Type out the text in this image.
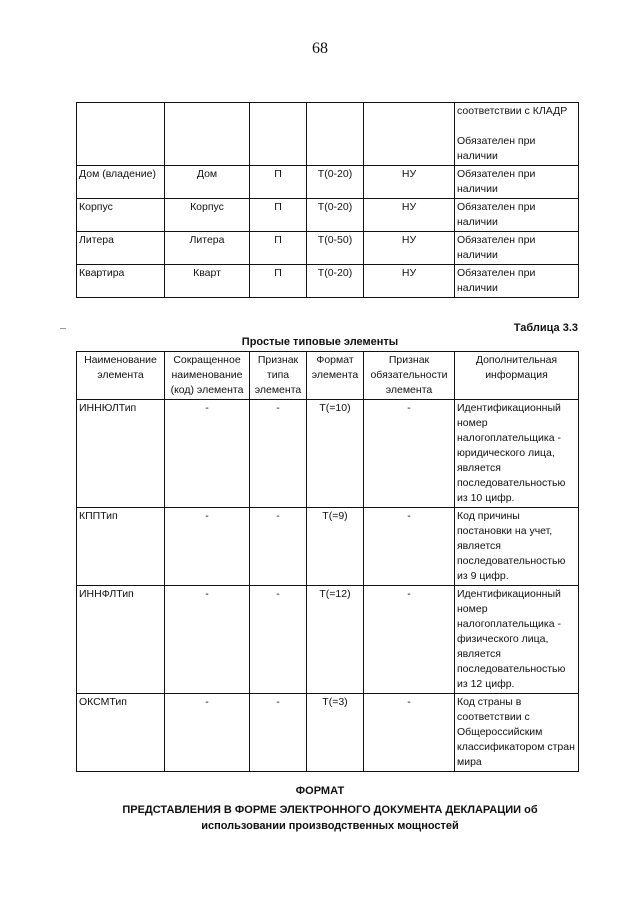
68
					соответствии с КЛАДР

Обязателен при наличии
Дом (владение)	Дом	П	T(0-20)	НУ	Обязателен при наличии
Корпус	Корпус	П	T(0-20)	НУ	Обязателен при наличии
Литера	Литера	П	T(0-50)	НУ	Обязателен при наличии
Квартира	Кварт	П	T(0-20)	НУ	Обязателен при наличии
Таблица 3.3
Простые типовые элементы
Наименование элемента	Сокращенное наименование (код) элемента	Признак типа элемента	Формат элемента	Признак обязательности элемента	Дополнительная информация
ИННЮЛТип	-	-	T(=10)	-	Идентификационный номер налогоплательщика - юридического лица, является последовательностью из 10 цифр.
КППТип	-	-	T(=9)	-	Код причины постановки на учет, является последовательностью из 9 цифр.
ИННФЛТип	-	-	T(=12)	-	Идентификационный номер налогоплательщика - физического лица, является последовательностью из 12 цифр.
ОКСМТип	-	-	T(=3)	-	Код страны в соответствии с Общероссийским классификатором стран мира
ФОРМАТ
ПРЕДСТАВЛЕНИЯ В ФОРМЕ ЭЛЕКТРОННОГО ДОКУМЕНТА ДЕКЛАРАЦИИ об использовании производственных мощностей
